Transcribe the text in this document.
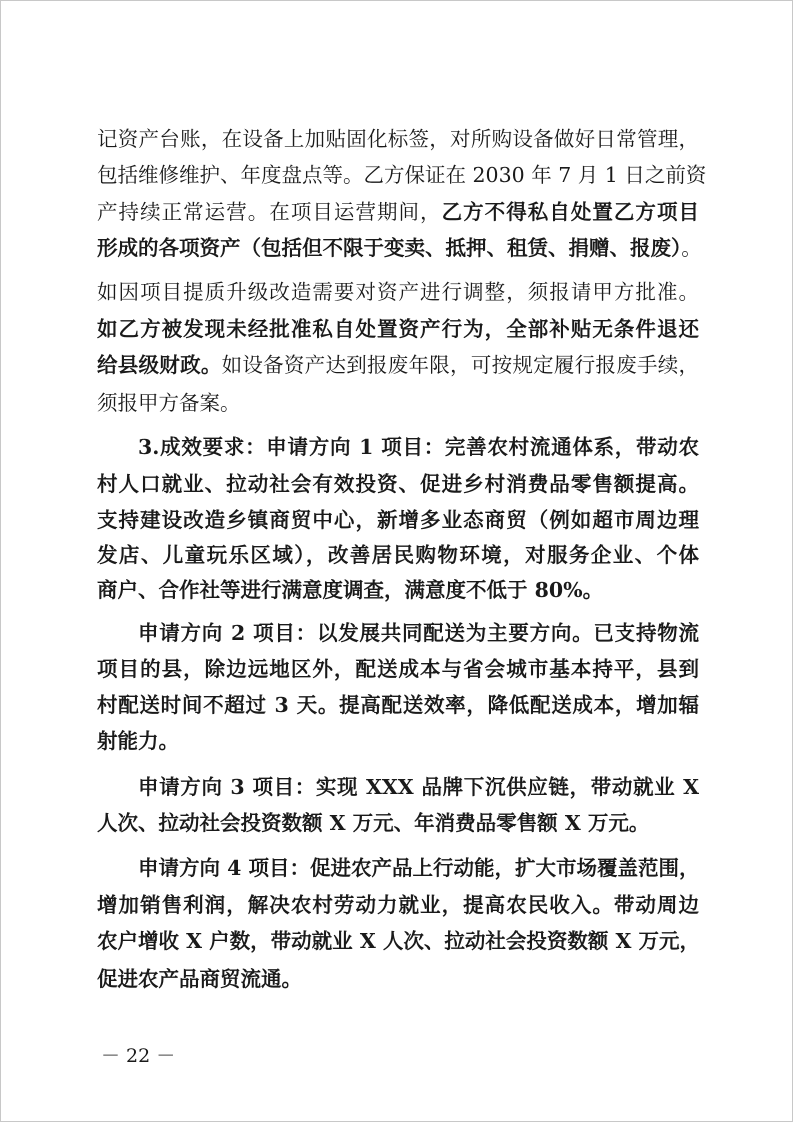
记资产台账，在设备上加贴固化标签，对所购设备做好日常管理，
包括维修维护、年度盘点等。乙方保证在 2030 年 7 月 1 日之前资
产持续正常运营。在项目运营期间，乙方不得私自处置乙方项目
形成的各项资产（包括但不限于变卖、抵押、租赁、捐赠、报废）。
如因项目提质升级改造需要对资产进行调整，须报请甲方批准。
如乙方被发现未经批准私自处置资产行为，全部补贴无条件退还
给县级财政。如设备资产达到报废年限，可按规定履行报废手续，
须报甲方备案。
3.成效要求：申请方向 1 项目：完善农村流通体系，带动农
村人口就业、拉动社会有效投资、促进乡村消费品零售额提高。
支持建设改造乡镇商贸中心，新增多业态商贸（例如超市周边理
发店、儿童玩乐区域），改善居民购物环境，对服务企业、个体
商户、合作社等进行满意度调查，满意度不低于 80%。
申请方向 2 项目：以发展共同配送为主要方向。已支持物流
项目的县，除边远地区外，配送成本与省会城市基本持平，县到
村配送时间不超过 3 天。提高配送效率，降低配送成本，增加辐
射能力。
申请方向 3 项目：实现 XXX 品牌下沉供应链，带动就业 X
人次、拉动社会投资数额 X 万元、年消费品零售额 X 万元。
申请方向 4 项目：促进农产品上行动能，扩大市场覆盖范围，
增加销售利润，解决农村劳动力就业，提高农民收入。带动周边
农户增收 X 户数，带动就业 X 人次、拉动社会投资数额 X 万元，
促进农产品商贸流通。
－ 22 －
